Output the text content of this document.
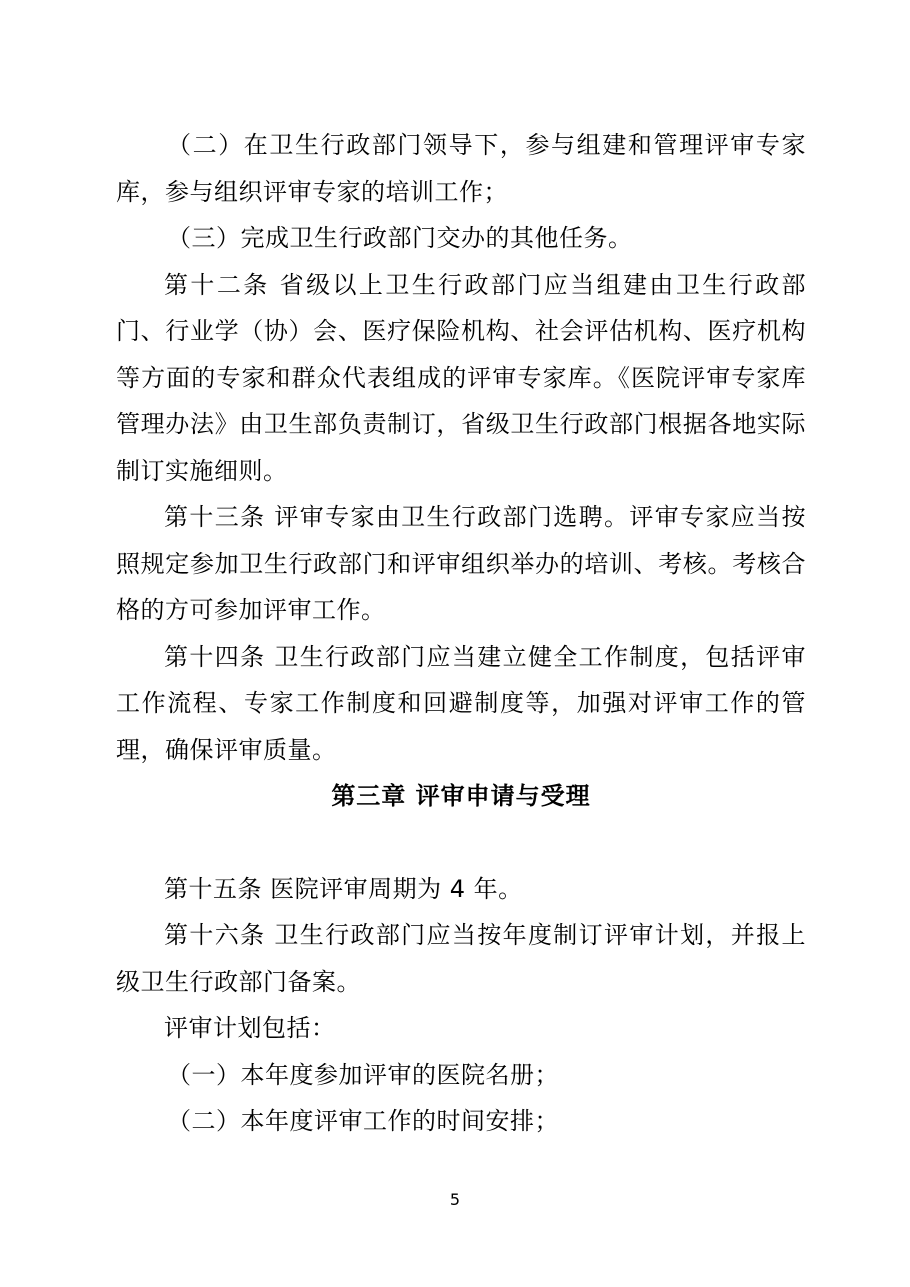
（二）在卫生行政部门领导下，参与组建和管理评审专家库，参与组织评审专家的培训工作；

（三）完成卫生行政部门交办的其他任务。

第十二条 省级以上卫生行政部门应当组建由卫生行政部门、行业学（协）会、医疗保险机构、社会评估机构、医疗机构等方面的专家和群众代表组成的评审专家库。《医院评审专家库管理办法》由卫生部负责制订，省级卫生行政部门根据各地实际制订实施细则。

第十三条 评审专家由卫生行政部门选聘。评审专家应当按照规定参加卫生行政部门和评审组织举办的培训、考核。考核合格的方可参加评审工作。

第十四条 卫生行政部门应当建立健全工作制度，包括评审工作流程、专家工作制度和回避制度等，加强对评审工作的管理，确保评审质量。

第三章 评审申请与受理

第十五条 医院评审周期为 4 年。

第十六条 卫生行政部门应当按年度制订评审计划，并报上级卫生行政部门备案。

评审计划包括：

（一）本年度参加评审的医院名册；

（二）本年度评审工作的时间安排；

5
